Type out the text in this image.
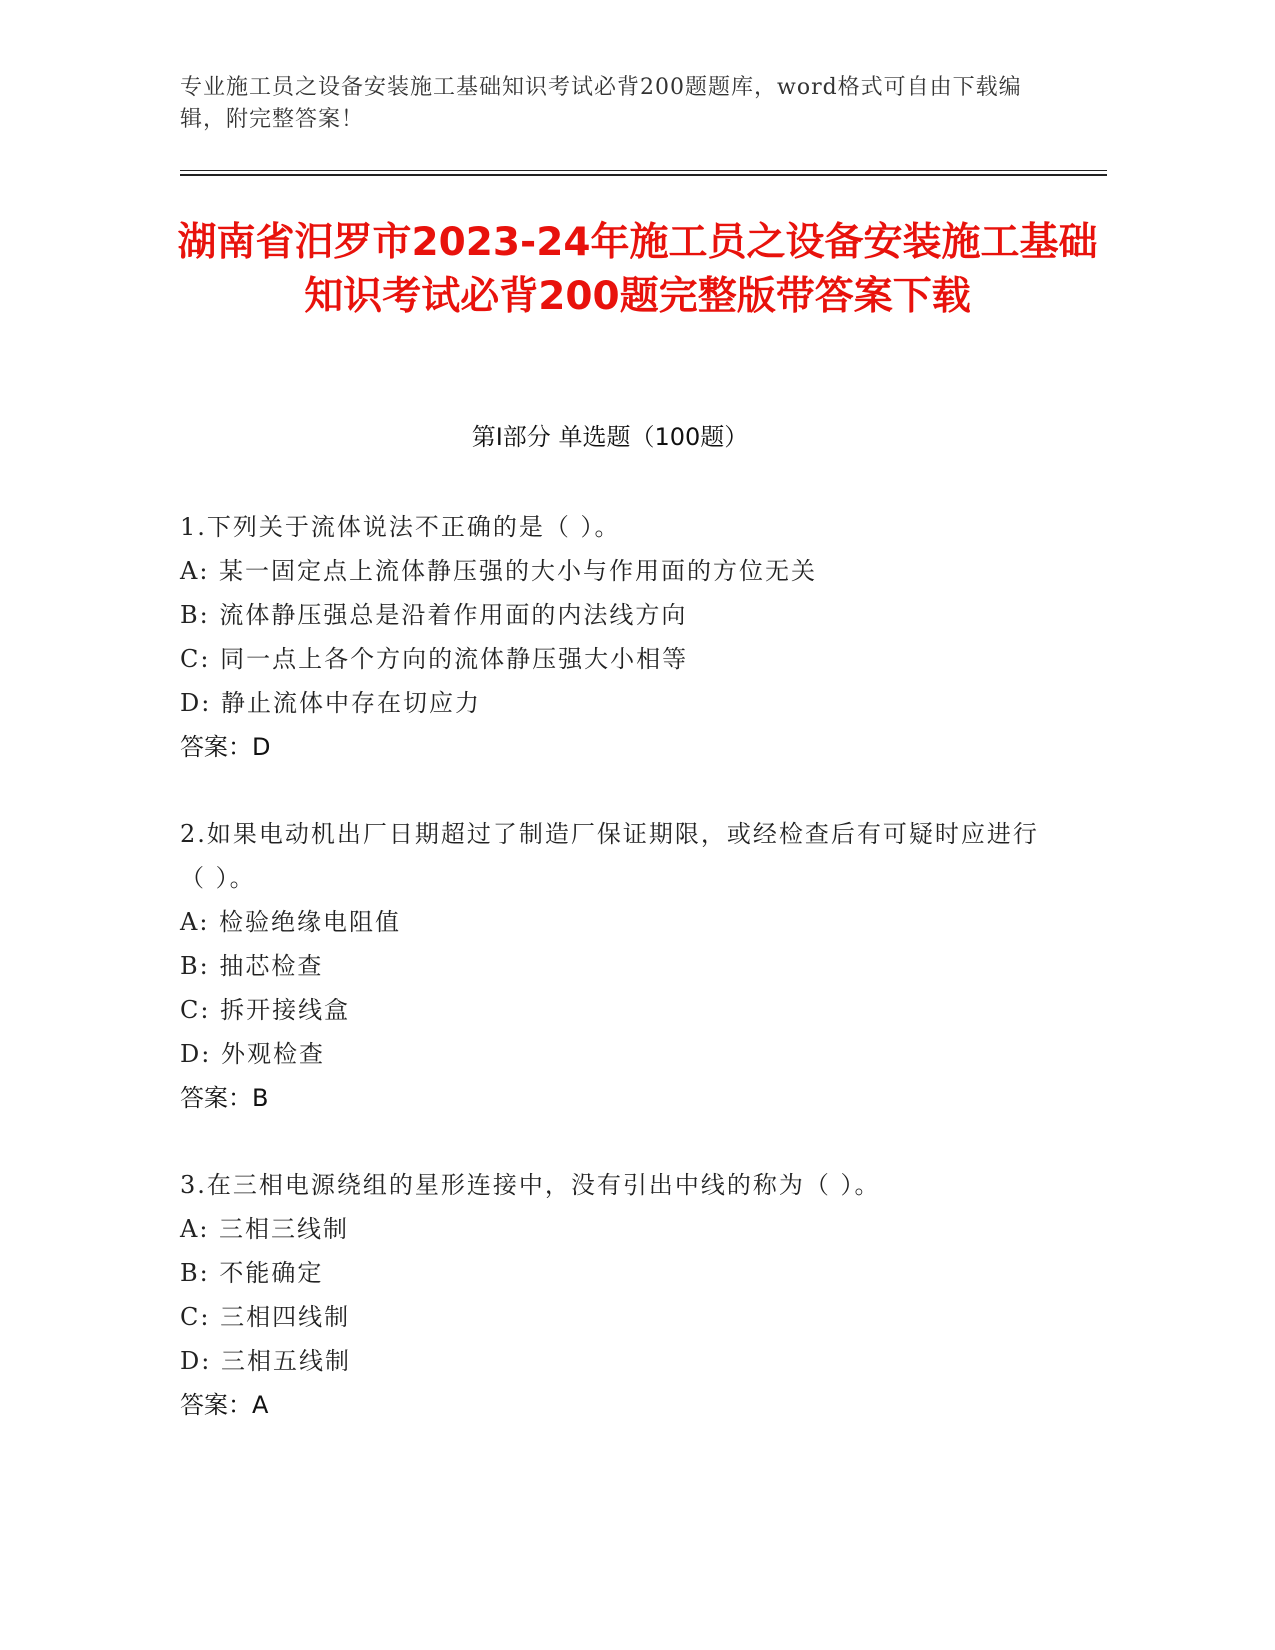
专业施工员之设备安装施工基础知识考试必背200题题库，word格式可自由下载编辑，附完整答案！
湖南省汨罗市2023-24年施工员之设备安装施工基础知识考试必背200题完整版带答案下载
第I部分 单选题（100题）
1.下列关于流体说法不正确的是（ ）。
A: 某一固定点上流体静压强的大小与作用面的方位无关
B: 流体静压强总是沿着作用面的内法线方向
C: 同一点上各个方向的流体静压强大小相等
D: 静止流体中存在切应力
答案：D
2.如果电动机出厂日期超过了制造厂保证期限，或经检查后有可疑时应进行（ ）。
A: 检验绝缘电阻值
B: 抽芯检查
C: 拆开接线盒
D: 外观检查
答案：B
3.在三相电源绕组的星形连接中，没有引出中线的称为（ ）。
A: 三相三线制
B: 不能确定
C: 三相四线制
D: 三相五线制
答案：A
